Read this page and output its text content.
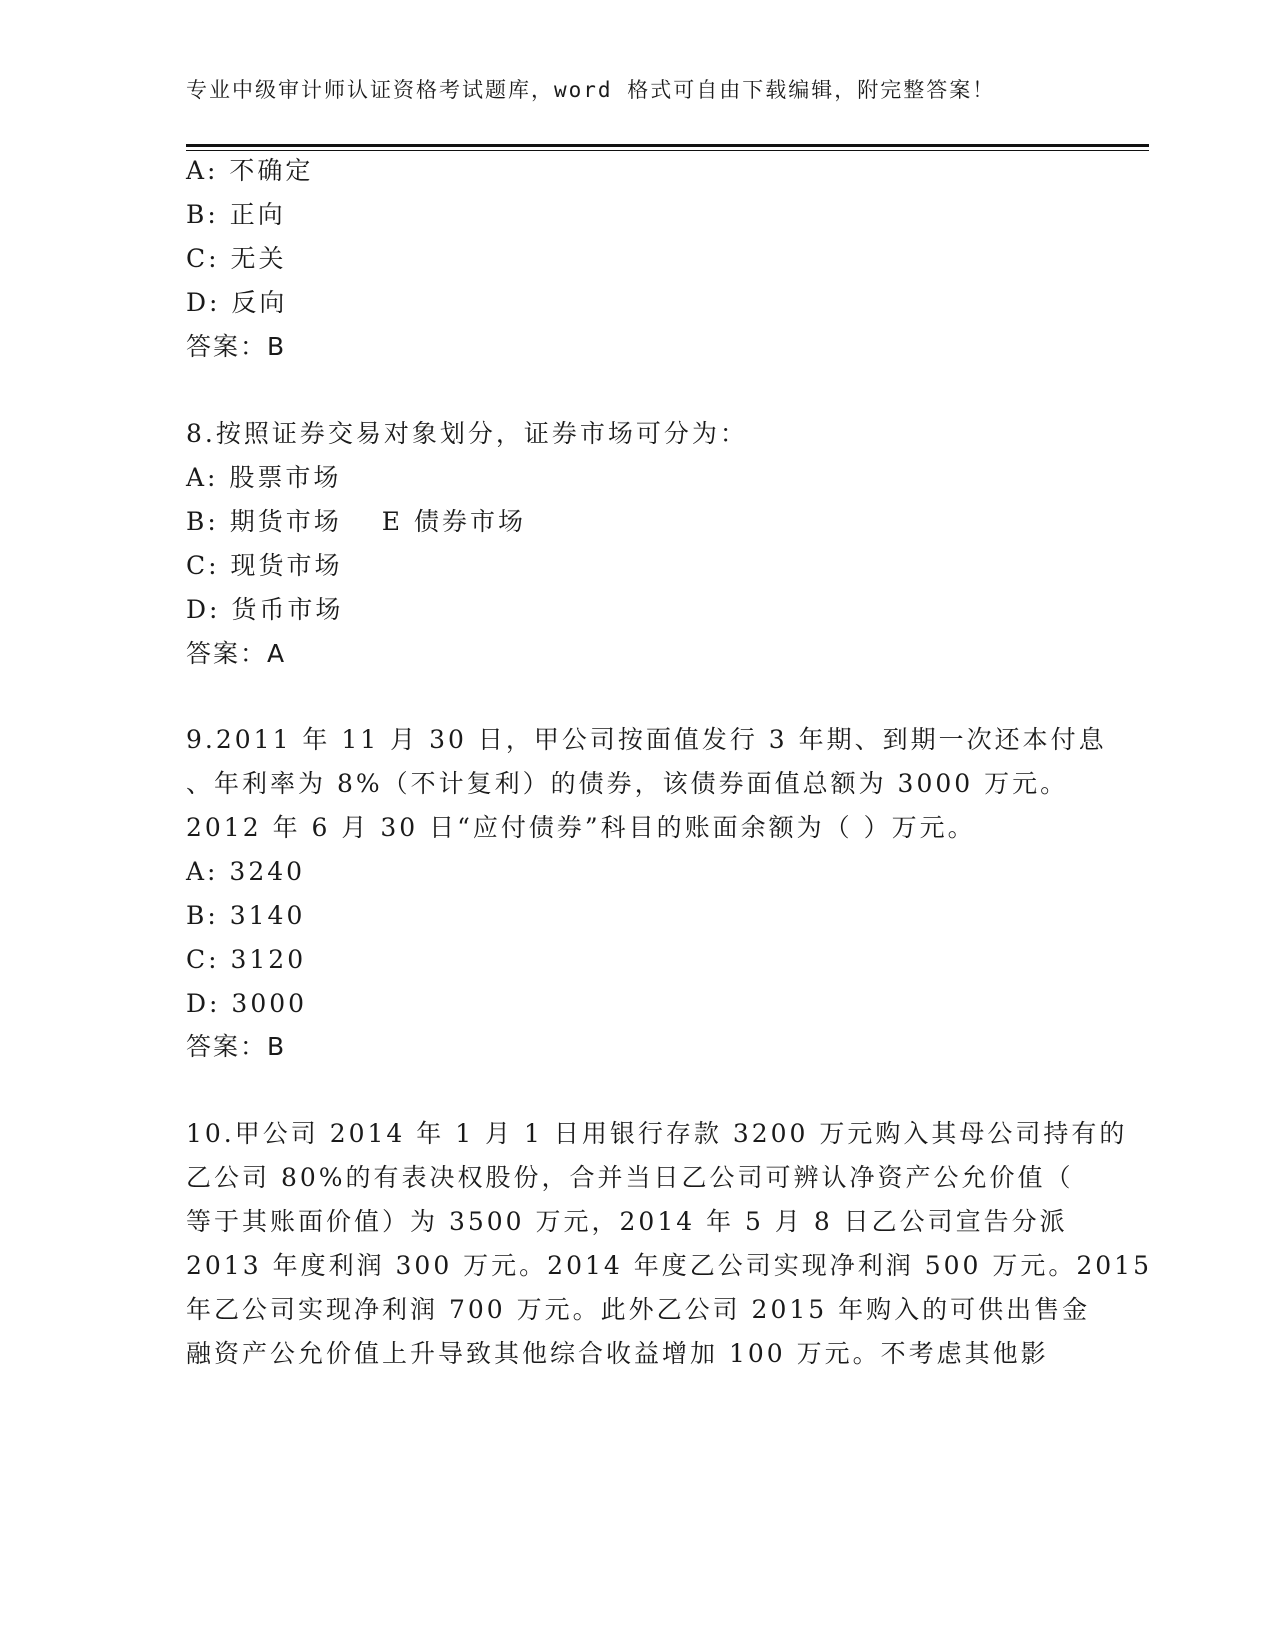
专业中级审计师认证资格考试题库，word 格式可自由下载编辑，附完整答案！
A: 不确定
B: 正向
C: 无关
D: 反向
答案：B
8.按照证券交易对象划分，证券市场可分为：
A: 股票市场
B: 期货市场 E 债券市场
C: 现货市场
D: 货币市场
答案：A
9.2011 年 11 月 30 日，甲公司按面值发行 3 年期、到期一次还本付息
、年利率为 8%（不计复利）的债券，该债券面值总额为 3000 万元。
2012 年 6 月 30 日“应付债券”科目的账面余额为（ ）万元。
A: 3240
B: 3140
C: 3120
D: 3000
答案：B
10.甲公司 2014 年 1 月 1 日用银行存款 3200 万元购入其母公司持有的
乙公司 80%的有表决权股份，合并当日乙公司可辨认净资产公允价值（
等于其账面价值）为 3500 万元，2014 年 5 月 8 日乙公司宣告分派
2013 年度利润 300 万元。2014 年度乙公司实现净利润 500 万元。2015
年乙公司实现净利润 700 万元。此外乙公司 2015 年购入的可供出售金
融资产公允价值上升导致其他综合收益增加 100 万元。不考虑其他影
